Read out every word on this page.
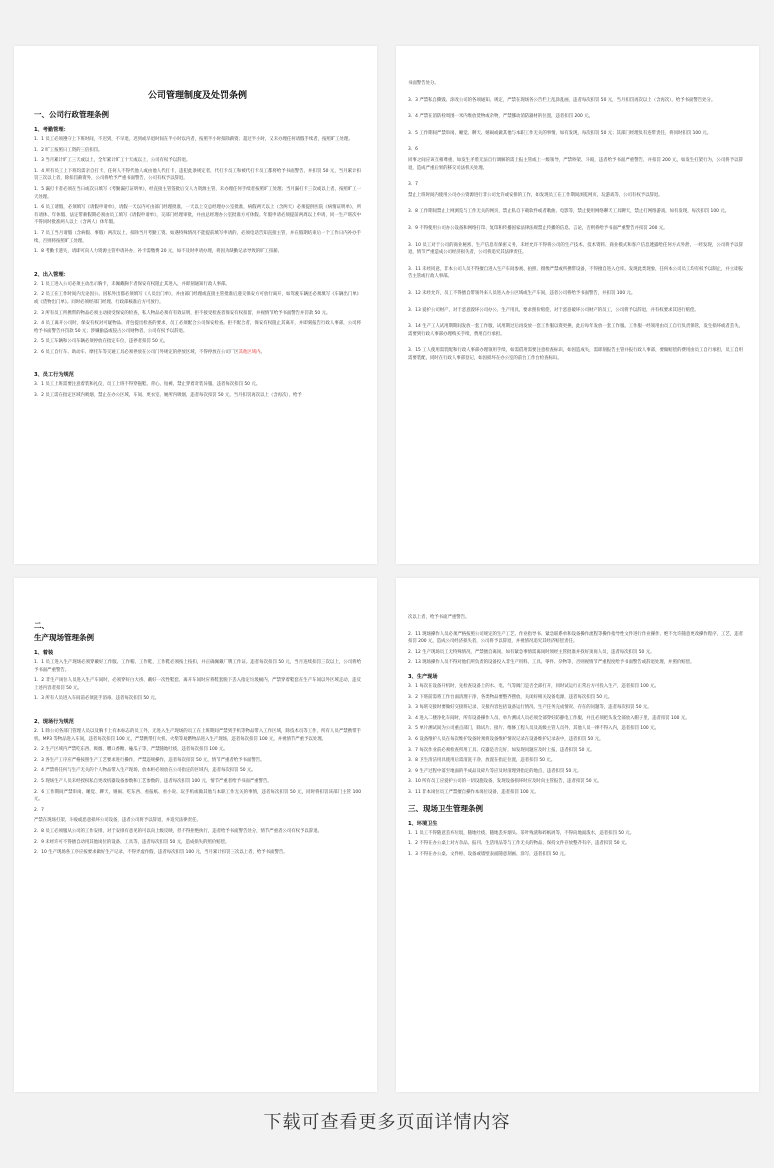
公司管理制度及处罚条例
一、公司行政管理条例
1、考勤管理：

1．1 员工必须遵守上下班时间，不迟到，不早退，迟到或早退时间在半小时以内者，按照半小时扣除薪资；超过半小时，又未办理任何请假手续者，按照旷工处理。

1．2 旷工按照日工资的三倍扣罚。

1．3 当月累计旷工三天或以上，全年累计旷工十天或以上，公司有权予以辞退。

1．4 所有员工上下班均需亲自打卡，任何人不得代他人或由他人代打卡，违犯此条规定者，代打卡员工和被代打卡员工都将给予书面警告，并扣罚 50 元，当月累计扣罚三次以上者，除扣罚薪资外，公司将给予严重书面警告，公司有权予以辞退。

1．5 漏打卡者必须在当日或次日填写《考勤漏打证明单》，经直接主管签批后交人力资源主管，未办理任何手续者按照旷工处理；当月漏打卡三次或以上者，按照旷工一天处理。

1．6 员工请假，必须填写《请假申请单》，请假一天以内可由部门经理批准，一天以上交总经理办公室批准，病假两天以上（含两天）必须提供医院《病情证明单》，所有请休、年休假、法定带薪假期必须由员工填写《请假申请单》，交部门经理审批，并由总经理办公室批准方可休假。年假申请必须提前两周以上申请，同一生产班次中不得同时批准两人以上（含两人）休年假。

1．7 员工当月请假（含病假、事假）两次以上，扣除当月考勤工资。如遇特殊情况不能提前填写申请的，必须电话告知直接主管，并在假期结束后一个工作日内补办手续，否则将按照旷工处理。

1．8 考勤卡遗失，请即可向人力资源主管申请补办，补卡需缴费 20 元，如不及时申请办理，将因为缺勤记录导致的旷工扣薪。

2、出入管理：

2．1 员工进入公司必须主动出示胸卡，未佩戴胸卡者保安有权阻止其进入，并即刻通知行政人事部。

2．2 员工在工作时间内无论因公、因私外出都必须填写《人员出门单》，并由部门经理或直接主管批准后递交保安方可放行离开，如驾驶车辆还必须填写《车辆出门单》或《货物出门单》。同时必须经部门经理、行政部核准后方可放行。

2．3 所有员工所携带的物品必须主动接受保安的检查，私人物品必须有有效证明，拒不接受检查者保安有权扣留，并视情节给予书面警告并罚款 50 元。

2．4 员工离开公司时，保安有权对可疑物品、背包提出检查的要求，员工必须配合公司保安检查。拒不配合者，保安有权阻止其离开，并即刻报告行政人事部，公司将给予书面警告并罚款 50 元；涉嫌偷盗或侵占公司财物者，公司有权予以辞退。

2．5 员工车辆和公司车辆必须停放在指定车位，违停者扣罚 50 元。

2．6 员工自行车、助动车、摩托车等交通工具必须停放在公司门外规定的停放区域，不得停放在公司厂区其他区域内。

3、员工行为规范

3．1 员工上班需要注意着装和礼仪，员工上班不得穿拖鞋、背心、短裤，禁止穿着奇装异服，违者每次扣罚 50 元。

3．2 员工需在指定区域内吸烟，禁止在办公区域、车间、更衣室、厕所内吸烟，违者每次扣罚 50 元，当月扣罚再次以上（含再次），给予

书面警告处分。

3．3 严禁私自撕毁、涂改公司的各项通知、规定，严禁在现场各公告栏上乱涂乱画，违者每次扣罚 50 元，当月扣罚再次以上（含再次），给予书面警告处分。

3．4 严禁在消防栓周围一米内堆放货物或杂物，严禁挪动消防器材的位置，违者扣罚 200 元。

3．5 工作期间严禁串岗、睡觉、聊天、嬉闹或做其他与本职工作无关的事情，如有发现，每次扣罚 50 元；其部门经理负有连带责任，将同时扣罚 100 元。

3．6

同事之间应该互相尊重，如发生矛盾无法自行调解的需上报主管或上一级领导，严禁吵架、斗殴，违者给予书面严重警告，并扣罚 200 元，如发生打架行为，公司将予以辞退，造成严重后果的移交司法机关处理。

3．7

禁止上班时间内使用公司办公资源进行非公司允许或安排的工作，如发现员工在工作期间浏览网页、玩游戏等，公司有权予以辞退。

3．8 工作期间禁止上网浏览与工作无关的网页，禁止私自下载软件或者歌曲、电影等，禁止使用网络聊天工具聊天，禁止打网络游戏，如有发现，每次扣罚 100 元。

3．9 不得使用公司办公设备和网络打印、复印和传播国家法律法规禁止传播的信息、言论，否则将给予书面严重警告并扣罚 200 元。

3．10 员工对于公司的商业秘密、生产信息有保密义务，未经允许不得将公司的生产技术、技术资料、商业模式和客户信息透露给任何方式外泄，一经发现，公司将予以辞退，情节严重造成公司经济损失者，公司将追究其法律责任。

3．11 未经同意，非本公司人员不得擅自进入生产车间参观、拍照、摄像严禁或所携带设备，不得擅自进入仓库。发现此类现象，任何本公司员工均有权予以制止，并立即报告主管或行政人事部。

3．12 未经允许，员工不得擅自带领外来人员进入办公区域或生产车间，违者公司将给予书面警告，并扣罚 100 元。

3．13 爱护公司财产，对于恶意毁坏公司办公、生产用具，要求照价赔偿，对于恶意破坏公司财产的员工，公司将予以辞退，并有权要求其进行赔偿。

3．14 生产工人试用期期间发放一套工作服，试用期过后再发放一套工作服以资更换，此后每年发放一套工作服。工作服一经领用由员工自行负责保管，发生损坏或者丢失，需要到行政人事部办理购买手续，费用自行承担。

3．15 工人使用需装配和行政人事部办理领用手续，如需借用需要注意检查标识，如因造成失，需即刻报告主管并报行政人事部，要做赔偿的费用由员工自行承担，员工自用需要装配，同时在行政人事部登记，如因损坏在办公室的前台工作台检查标识。

二、
生产现场管理条例
1、着装

1．1 员工进入生产现场必须穿戴好工作服、工作帽、工作鞋，工作鞋必须按上按扣，并正确佩戴厂牌工作证。违者每次扣罚 50 元，当月连续扣罚三次以上，公司将给予书面严重警告。

1．2 非生产岗位人员进入生产车间时，必须穿好白大褂、戴好一次性鞋套，离开车间时应将鞋套脱下丢入指定垃圾桶内，严禁穿着鞋套在生产车间以外区域走动，违反上述内容者扣罚 50 元。

1．3 所有人员进入车间前必须洗手消毒，违者每次扣罚 50 元。

2、现场行为规范

2．1 除公司各部门管理人员以及胸卡上有本标志的员工外，无进入生产现场的员工在上班期间严禁到手机等物品带入工作区域，除技术员等工作，所有人员严禁携带手机、MP3 等物品进入车间，违者每次扣罚 100 元，严禁携带打火机、火柴等易燃物品进入生产现场，违者每次扣罚 100 元，并视情节严重予以处理。

2．2 生产区域内严禁吃东西、吸烟、嚼口香糖、嗑瓜子等，严禁随地吐痰，违者每次扣罚 100 元。

2．3 各生产工序应严格按照生产工艺要求进行操作，严禁违规操作，违者每次扣罚 50 元，情节严重者给予书面警告。

2．4 严禁将任何与生产无关的个人物品带入生产现场，放本柜必须放在公司指定的区域内，违者每次扣罚 50 元。

2．5 现场生产人员未经授权私自更改机器设备参数和工艺参数的，违者每次扣罚 100 元，情节严重者给予书面严重警告。

2．6 工作期间严禁串岗、睡觉、聊天、嬉闹、吃东西、看报纸、看小说、玩手机或做其他与本职工作无关的事情，违者每次扣罚 50 元，同时将扣罚该部门主管 100 元。

2．7

严禁在现场打架、斗殴或恶意损坏公司设备，违者公司将予以辞退，并追究法律责任。

2．8 员工必须服从公司的工作安排，对于安排有意见的可以向上级反映，但不得拒绝执行，违者给予书面警告处分，情节严重者公司有权予以辞退。

2．9 未经许可不得擅自动用其他岗位的设备、工具等，违者每次扣罚 50 元，造成损失的照价赔偿。

2．10 生产现场各工序应按要求做好生产记录，不得弄虚作假，违者每次扣罚 100 元，当月累计扣罚三次以上者，给予书面警告。

次以上者，给予书面严重警告。

2．11 现场操作人员必须严格按照公司规定的生产工艺、作业指导书、紧急联系单和设备操作流程等操作指导性文件进行作业操作，绝不允许随意更改操作程序，工艺，违者扣罚 200 元，造成公司经济损失者，公司将予以辞退，并视情况追究其经济赔偿责任。

2．12 生产现场员工无特殊情况，严禁擅自离岗，如有紧急事情需离岗时须经主管批准并找好顶岗人员，违者每次扣罚 50 元。

2．13 现场操作人员不得对他们所负责的设备投入非生产用料、工具、零件、杂物等，否则视情节严重程度给予书面警告或辞退处理，并照价赔偿。

3、生产现场

3．1 每次在设备开机时，先检查设备上的水、电、气等阀门是否全部打开，同时试运行正常后方可投入生产，违者扣罚 100 元。

3．2 下班前需将工作台面清理干净，各类物品要整齐摆放，关闭好相关设备电源，违者每次扣罚 50 元。

3．3 每班交接时要做好交接班记录，交接内容包括设备运行情况、生产任务完成情况、存在的问题等，违者每次扣罚 50 元。

3．4 进入二楼净化车间时，所有设备操作人员、单片测试人员必须全部穿好防静电工作服，并且必须把头发全部放入帽子里，违者扣罚 100 元。

3．5 单片测试间为公司重点部门，除试片、接片、维修工程人员及高级主管人员外，其他人员一律不得入内，违者扣罚 100 元。

3．6 设备维护人员在每次维护设备时须将设备维护情况记录在设备维护记录表中，违者扣罚 50 元。

3．7 每次作业前必须检查所用工具、仪器是否完好，如发现问题应及时上报，违者扣罚 50 元。

3．8 卫生清洁用具使用后需清洗干净，放置在指定位置，违者扣罚 50 元。

3．9 生产过程中落至地面的半成品及碎片等应及时清理到指定的地点，违者扣罚 50 元。

3．10 所有员工应爱护公司的一切设施设备，发现设备损坏时应及时向主管报告，违者扣罚 50 元。

3．11 非本岗位员工严禁擅自操作本岗位设备，违者扣罚 100 元。

三、现场卫生管理条例
1、环境卫生

1．1 员工不得随意丢弃垃圾，随地吐痰，随地丢弃烟头、茶叶残渣和碎纸屑等，不得向地面泼水，违者扣罚 50 元。

1．2 不得在办公桌上对方杂品、报刊、生活用品等与工作无关的物品，保持文件存放整齐有序，违者扣罚 50 元。

1．3 不得在办公桌、文件柜、设备或墙壁表面随意刻画、涂写，违者扣罚 50 元。

下载可查看更多页面详情内容
